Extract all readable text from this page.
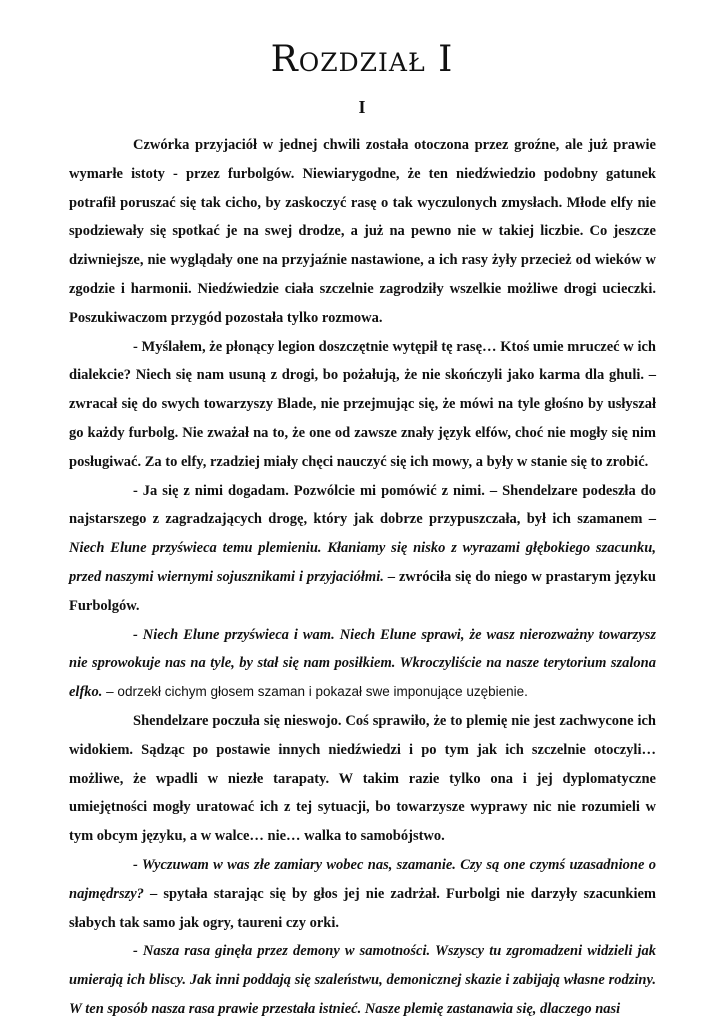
Rozdział I
I

Czwórka przyjaciół w jednej chwili została otoczona przez groźne, ale już prawie wymarłe istoty - przez furbolgów. Niewiarygodne, że ten niedźwiedzio podobny gatunek potrafił poruszać się tak cicho, by zaskoczyć rasę o tak wyczulonych zmysłach. Młode elfy nie spodziewały się spotkać je na swej drodze, a już na pewno nie w takiej liczbie. Co jeszcze dziwniejsze, nie wyglądały one na przyjaźnie nastawione, a ich rasy żyły przecież od wieków w zgodzie i harmonii. Niedźwiedzie ciała szczelnie zagrodziły wszelkie możliwe drogi ucieczki. Poszukiwaczom przygód pozostała tylko rozmowa.

- Myślałem, że płonący legion doszczętnie wytępił tę rasę… Ktoś umie mruczeć w ich dialekcie? Niech się nam usuną z drogi, bo pożałują, że nie skończyli jako karma dla ghuli. – zwracał się do swych towarzyszy Blade, nie przejmując się, że mówi na tyle głośno by usłyszał go każdy furbolg. Nie zważał na to, że one od zawsze znały język elfów, choć nie mogły się nim posługiwać. Za to elfy, rzadziej miały chęci nauczyć się ich mowy, a były w stanie się to zrobić.

- Ja się z nimi dogadam. Pozwólcie mi pomówić z nimi. – Shendelzare podeszła do najstarszego z zagradzających drogę, który jak dobrze przypuszczała, był ich szamanem – Niech Elune przyświeca temu plemieniu. Kłaniamy się nisko z wyrazami głębokiego szacunku, przed naszymi wiernymi sojusznikami i przyjaciółmi. – zwróciła się do niego w prastarym języku Furbolgów.

- Niech Elune przyświeca i wam. Niech Elune sprawi, że wasz nierozważny towarzysz nie sprowokuje nas na tyle, by stał się nam posiłkiem. Wkroczyliście na nasze terytorium szalona elfko. – odrzekł cichym głosem szaman i pokazał swe imponujące uzębienie.

Shendelzare poczuła się nieswojo. Coś sprawiło, że to plemię nie jest zachwycone ich widokiem. Sądząc po postawie innych niedźwiedzi i po tym jak ich szczelnie otoczyli… możliwe, że wpadli w niezłe tarapaty. W takim razie tylko ona i jej dyplomatyczne umiejętności mogły uratować ich z tej sytuacji, bo towarzysze wyprawy nic nie rozumieli w tym obcym języku, a w walce… nie… walka to samobójstwo.

- Wyczuwam w was złe zamiary wobec nas, szamanie. Czy są one czymś uzasadnione o najmędrszy? – spytała starając się by głos jej nie zadrżał. Furbolgi nie darzyły szacunkiem słabych tak samo jak ogry, taureni czy orki.

- Nasza rasa ginęła przez demony w samotności. Wszyscy tu zgromadzeni widzieli jak umierają ich bliscy. Jak inni poddają się szaleństwu, demonicznej skazie i zabijają własne rodziny. W ten sposób nasza rasa prawie przestała istnieć. Nasze plemię zastanawia się, dlaczego nasi
